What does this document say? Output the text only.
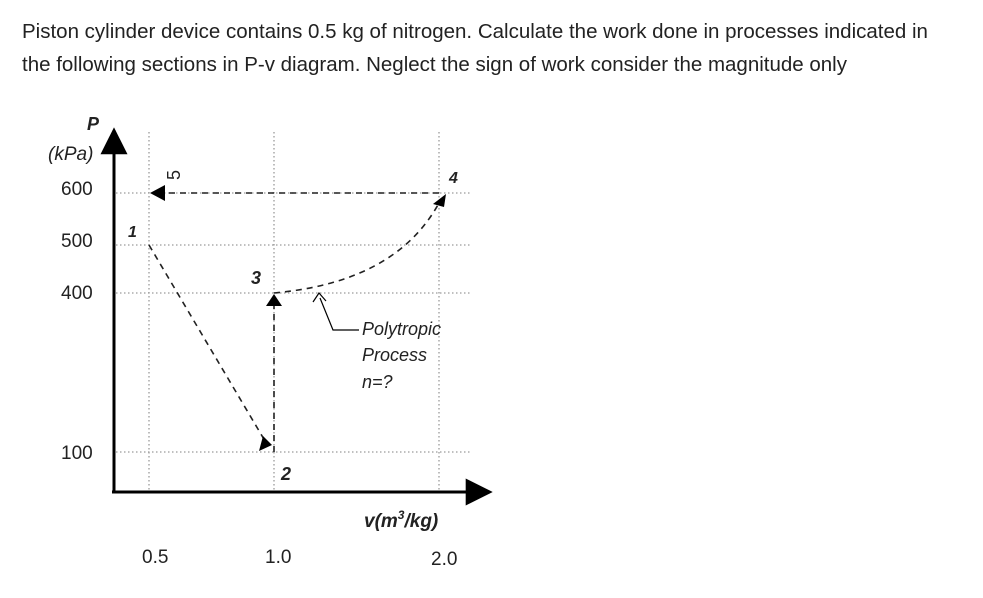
Piston cylinder device contains 0.5 kg of nitrogen. Calculate the work done in processes indicated in
the following sections in P-v diagram. Neglect the sign of work consider the magnitude only
P
(kPa)
$v(m^3/kg)$
600
500
400
100
0.5	1.0	2.0
1
2
3
4
5
Polytropic
Process
n=?
